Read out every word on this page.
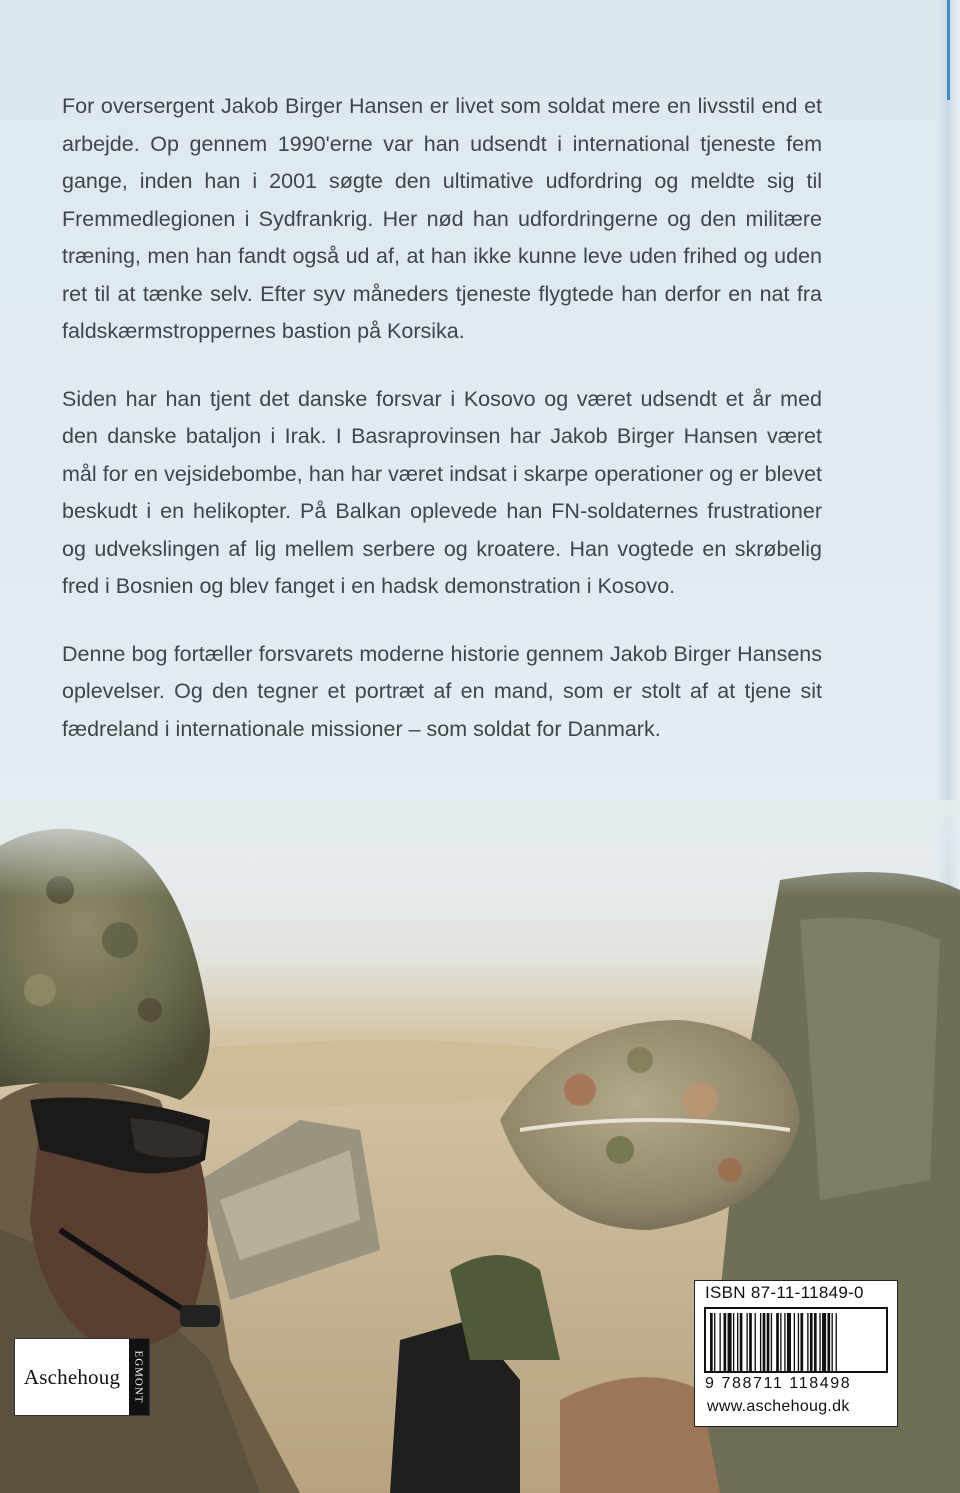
For oversergent Jakob Birger Hansen er livet som soldat mere en livsstil end et arbejde. Op gennem 1990'erne var han udsendt i international tjeneste fem gange, inden han i 2001 søgte den ultimative udfordring og meldte sig til Fremmedlegionen i Sydfrankrig. Her nød han udfordringerne og den militære træning, men han fandt også ud af, at han ikke kunne leve uden frihed og uden ret til at tænke selv. Efter syv måneders tjeneste flygtede han derfor en nat fra faldskærmstroppernes bastion på Korsika.

Siden har han tjent det danske forsvar i Kosovo og været udsendt et år med den danske bataljon i Irak. I Basraprovinsen har Jakob Birger Hansen været mål for en vejsidebombe, han har været indsat i skarpe operationer og er blevet beskudt i en helikopter. På Balkan oplevede han FN-soldaternes frustrationer og udvekslingen af lig mellem serbere og kroatere. Han vogtede en skrøbelig fred i Bosnien og blev fanget i en hadsk demonstration i Kosovo.

Denne bog fortæller forsvarets moderne historie gennem Jakob Birger Hansens oplevelser. Og den tegner et portræt af en mand, som er stolt af at tjene sit fædreland i internationale missioner – som soldat for Danmark.

Aschehoug	EGMONT
ISBN 87-11-11849-0
9 788711 118498
www.aschehoug.dk
